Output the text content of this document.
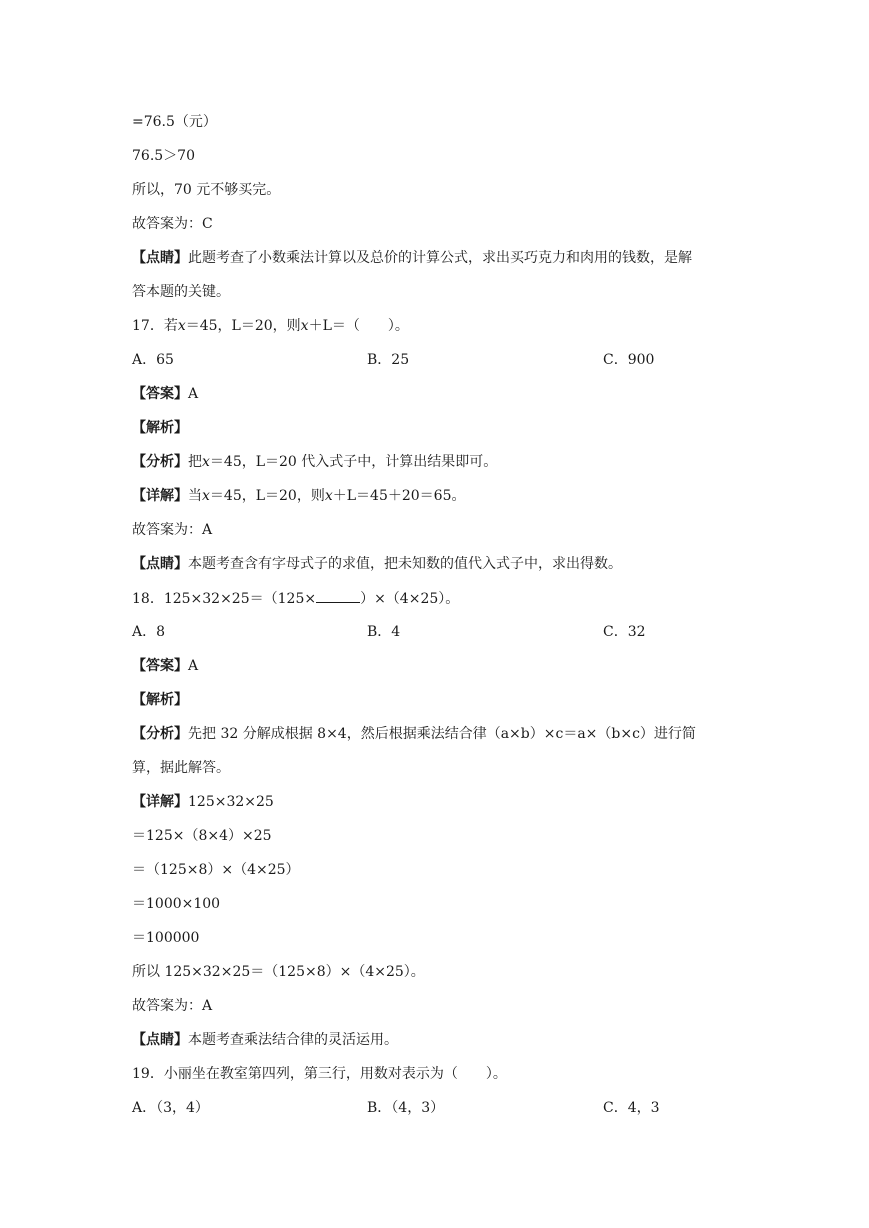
=76.5（元）
76.5＞70
所以，70 元不够买完。
故答案为：C
【点睛】此题考查了小数乘法计算以及总价的计算公式，求出买巧克力和肉用的钱数，是解
答本题的关键。
17．若x＝45，L＝20，则x＋L＝（　　）。
A．65	B．25	C．900
【答案】A
【解析】
【分析】把x＝45，L＝20 代入式子中，计算出结果即可。
【详解】当x＝45，L＝20，则x＋L＝45＋20＝65。
故答案为：A
【点睛】本题考查含有字母式子的求值，把未知数的值代入式子中，求出得数。
18．125×32×25＝（125×	）×（4×25）。
A．8	B．4	C．32
【答案】A
【解析】
【分析】先把 32 分解成根据 8×4，然后根据乘法结合律（a×b）×c＝a×（b×c）进行简
算，据此解答。
【详解】125×32×25
＝125×（8×4）×25
＝（125×8）×（4×25）
＝1000×100
＝100000
所以 125×32×25＝（125×8）×（4×25）。
故答案为：A
【点睛】本题考查乘法结合律的灵活运用。
19．小丽坐在教室第四列，第三行，用数对表示为（　　）。
A．（3，4）	B．（4，3）	C．4，3
